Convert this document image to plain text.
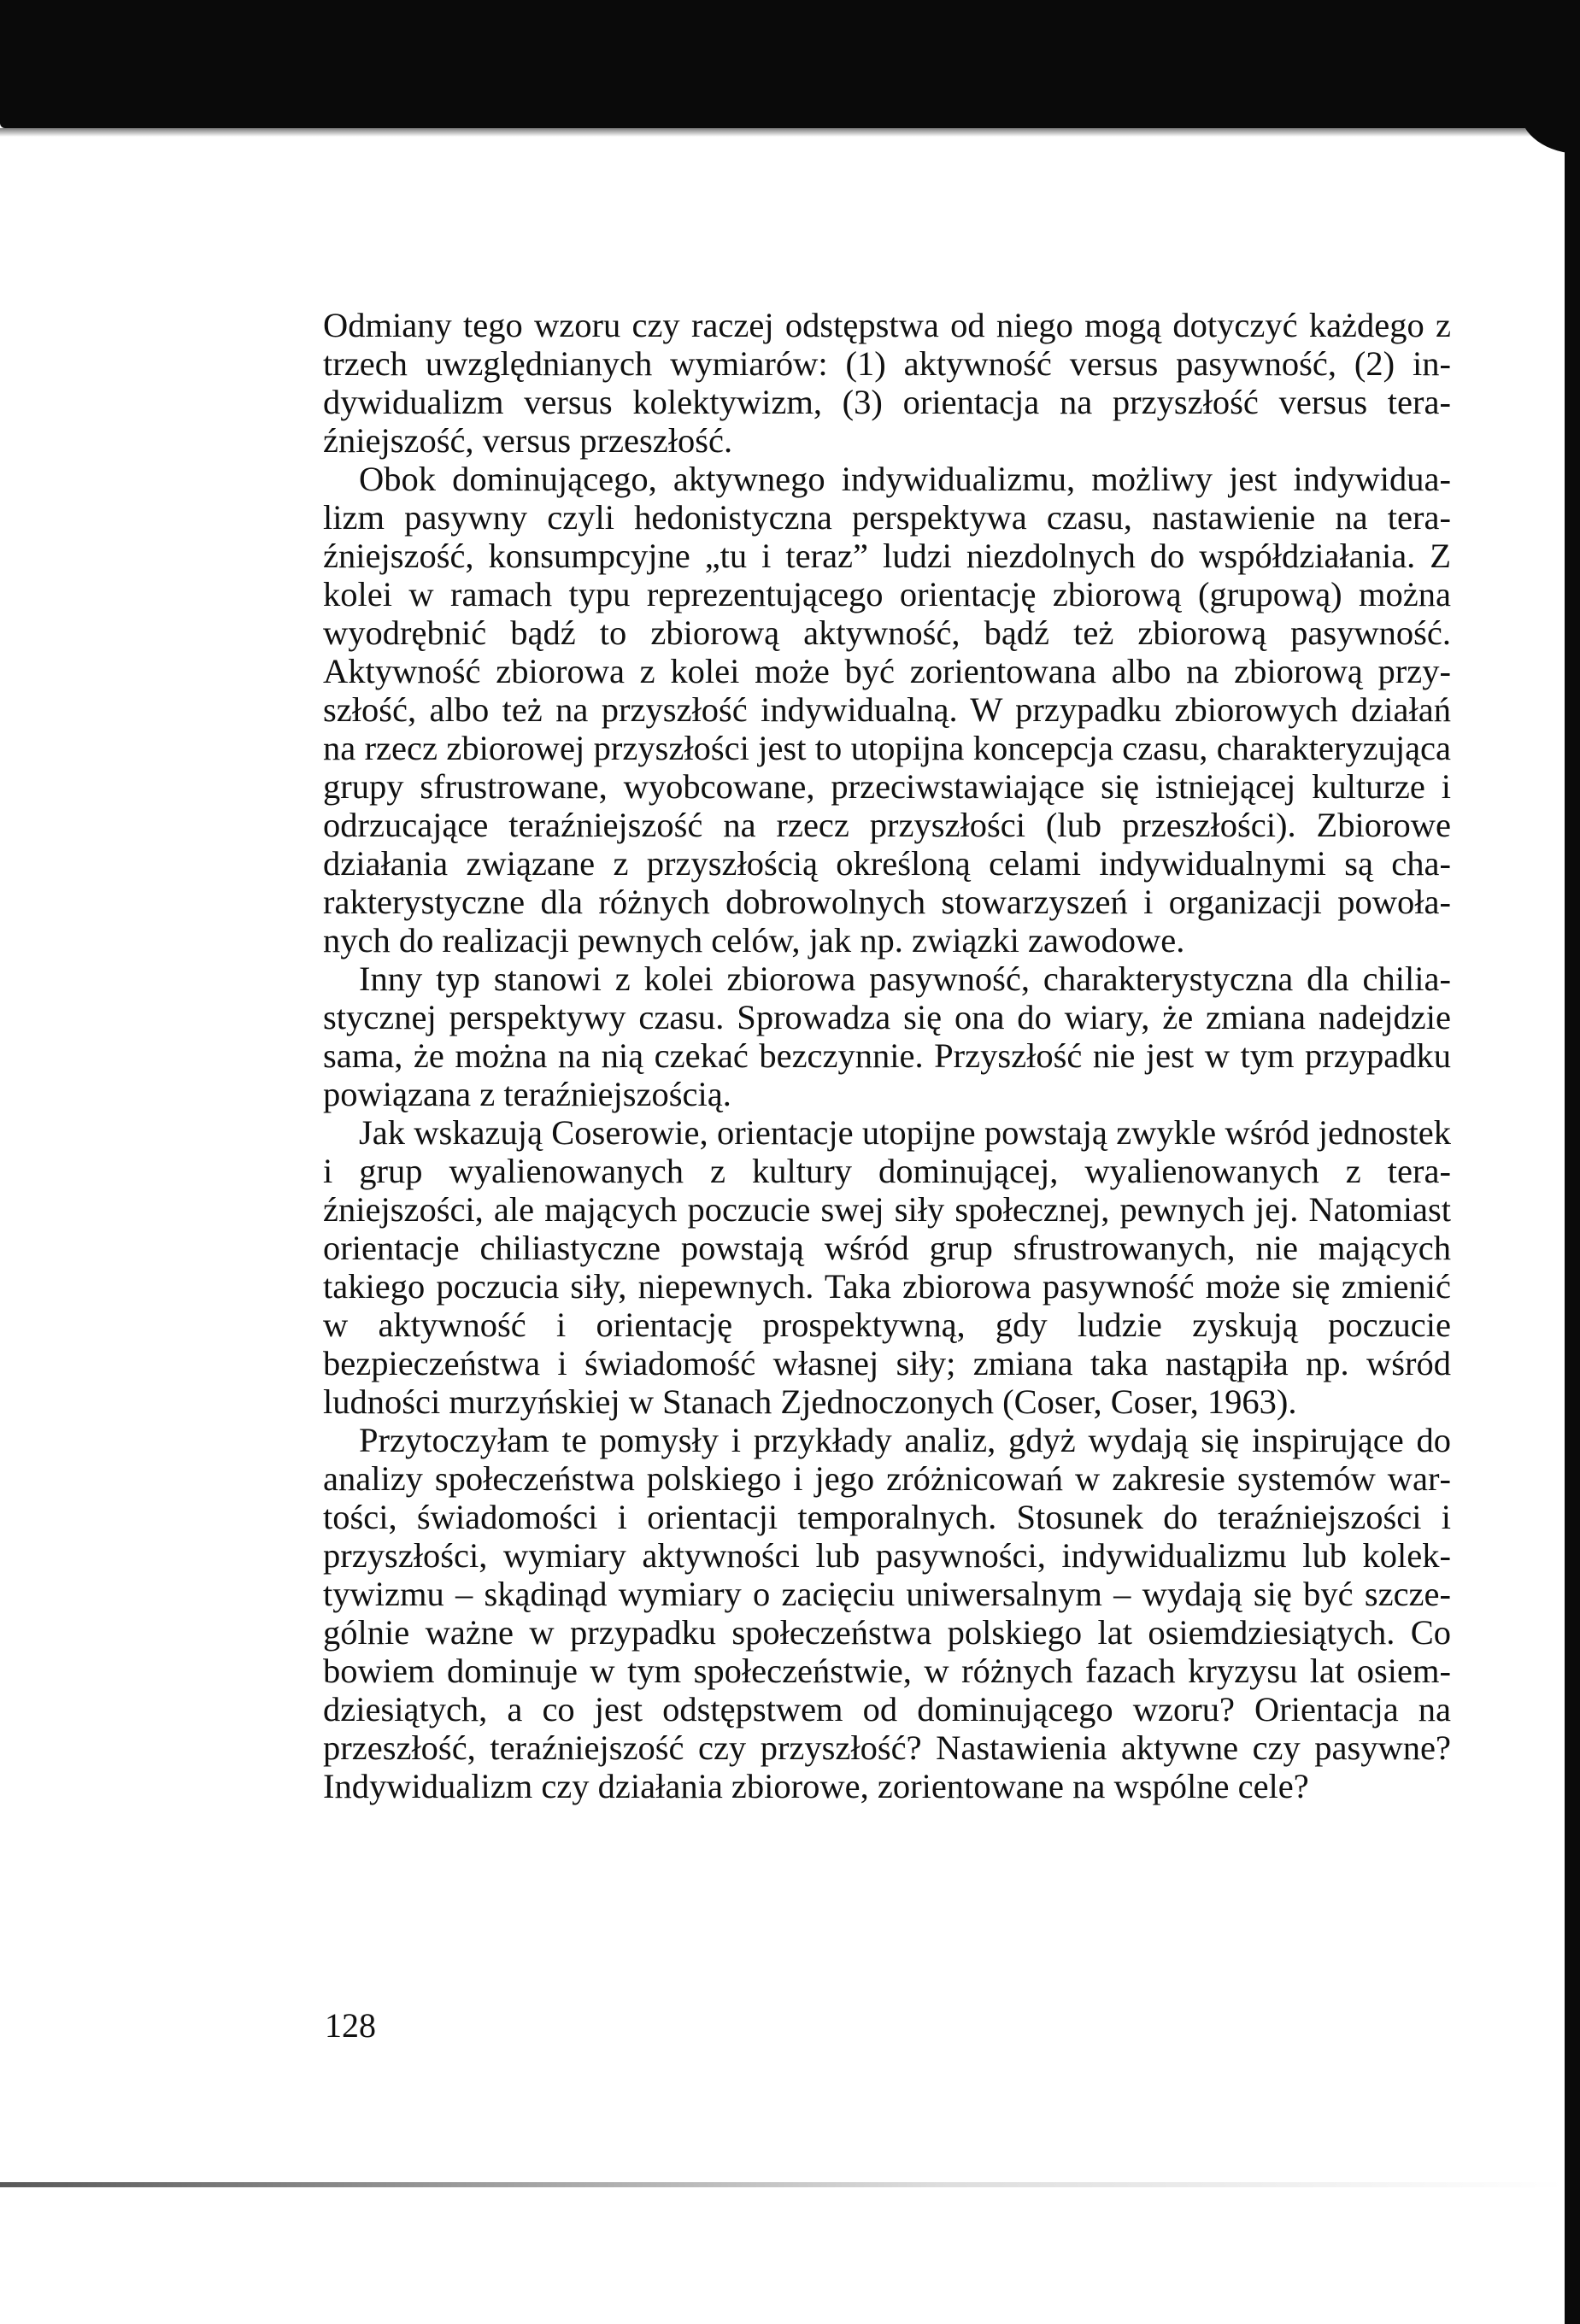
Odmiany tego wzoru czy raczej odstępstwa od niego mogą dotyczyć każdego z trzech uwzględnianych wymiarów: (1) aktywność versus pasywność, (2) indywidualizm versus kolektywizm, (3) orientacja na przyszłość versus teraźniejszość, versus przeszłość.

Obok dominującego, aktywnego indywidualizmu, możliwy jest indywidualizm pasywny czyli hedonistyczna perspektywa czasu, nastawienie na teraźniejszość, konsumpcyjne „tu i teraz” ludzi niezdolnych do współdziałania. Z kolei w ramach typu reprezentującego orientację zbiorową (grupową) można wyodrębnić bądź to zbiorową aktywność, bądź też zbiorową pasywność. Aktywność zbiorowa z kolei może być zorientowana albo na zbiorową przyszłość, albo też na przyszłość indywidualną. W przypadku zbiorowych działań na rzecz zbiorowej przyszłości jest to utopijna koncepcja czasu, charakteryzująca grupy sfrustrowane, wyobcowane, przeciwstawiające się istniejącej kulturze i odrzucające teraźniejszość na rzecz przyszłości (lub przeszłości). Zbiorowe działania związane z przyszłością określoną celami indywidualnymi są charakterystyczne dla różnych dobrowolnych stowarzyszeń i organizacji powołanych do realizacji pewnych celów, jak np. związki zawodowe.

Inny typ stanowi z kolei zbiorowa pasywność, charakterystyczna dla chiliastycznej perspektywy czasu. Sprowadza się ona do wiary, że zmiana nadejdzie sama, że można na nią czekać bezczynnie. Przyszłość nie jest w tym przypadku powiązana z teraźniejszością.

Jak wskazują Coserowie, orientacje utopijne powstają zwykle wśród jednostek i grup wyalienowanych z kultury dominującej, wyalienowanych z teraźniejszości, ale mających poczucie swej siły społecznej, pewnych jej. Natomiast orientacje chiliastyczne powstają wśród grup sfrustrowanych, nie mających takiego poczucia siły, niepewnych. Taka zbiorowa pasywność może się zmienić w aktywność i orientację prospektywną, gdy ludzie zyskują poczucie bezpieczeństwa i świadomość własnej siły; zmiana taka nastąpiła np. wśród ludności murzyńskiej w Stanach Zjednoczonych (Coser, Coser, 1963).

Przytoczyłam te pomysły i przykłady analiz, gdyż wydają się inspirujące do analizy społeczeństwa polskiego i jego zróżnicowań w zakresie systemów wartości, świadomości i orientacji temporalnych. Stosunek do teraźniejszości i przyszłości, wymiary aktywności lub pasywności, indywidualizmu lub kolektywizmu – skądinąd wymiary o zacięciu uniwersalnym – wydają się być szczególnie ważne w przypadku społeczeństwa polskiego lat osiemdziesiątych. Co bowiem dominuje w tym społeczeństwie, w różnych fazach kryzysu lat osiemdziesiątych, a co jest odstępstwem od dominującego wzoru? Orientacja na przeszłość, teraźniejszość czy przyszłość? Nastawienia aktywne czy pasywne? Indywidualizm czy działania zbiorowe, zorientowane na wspólne cele?

128
